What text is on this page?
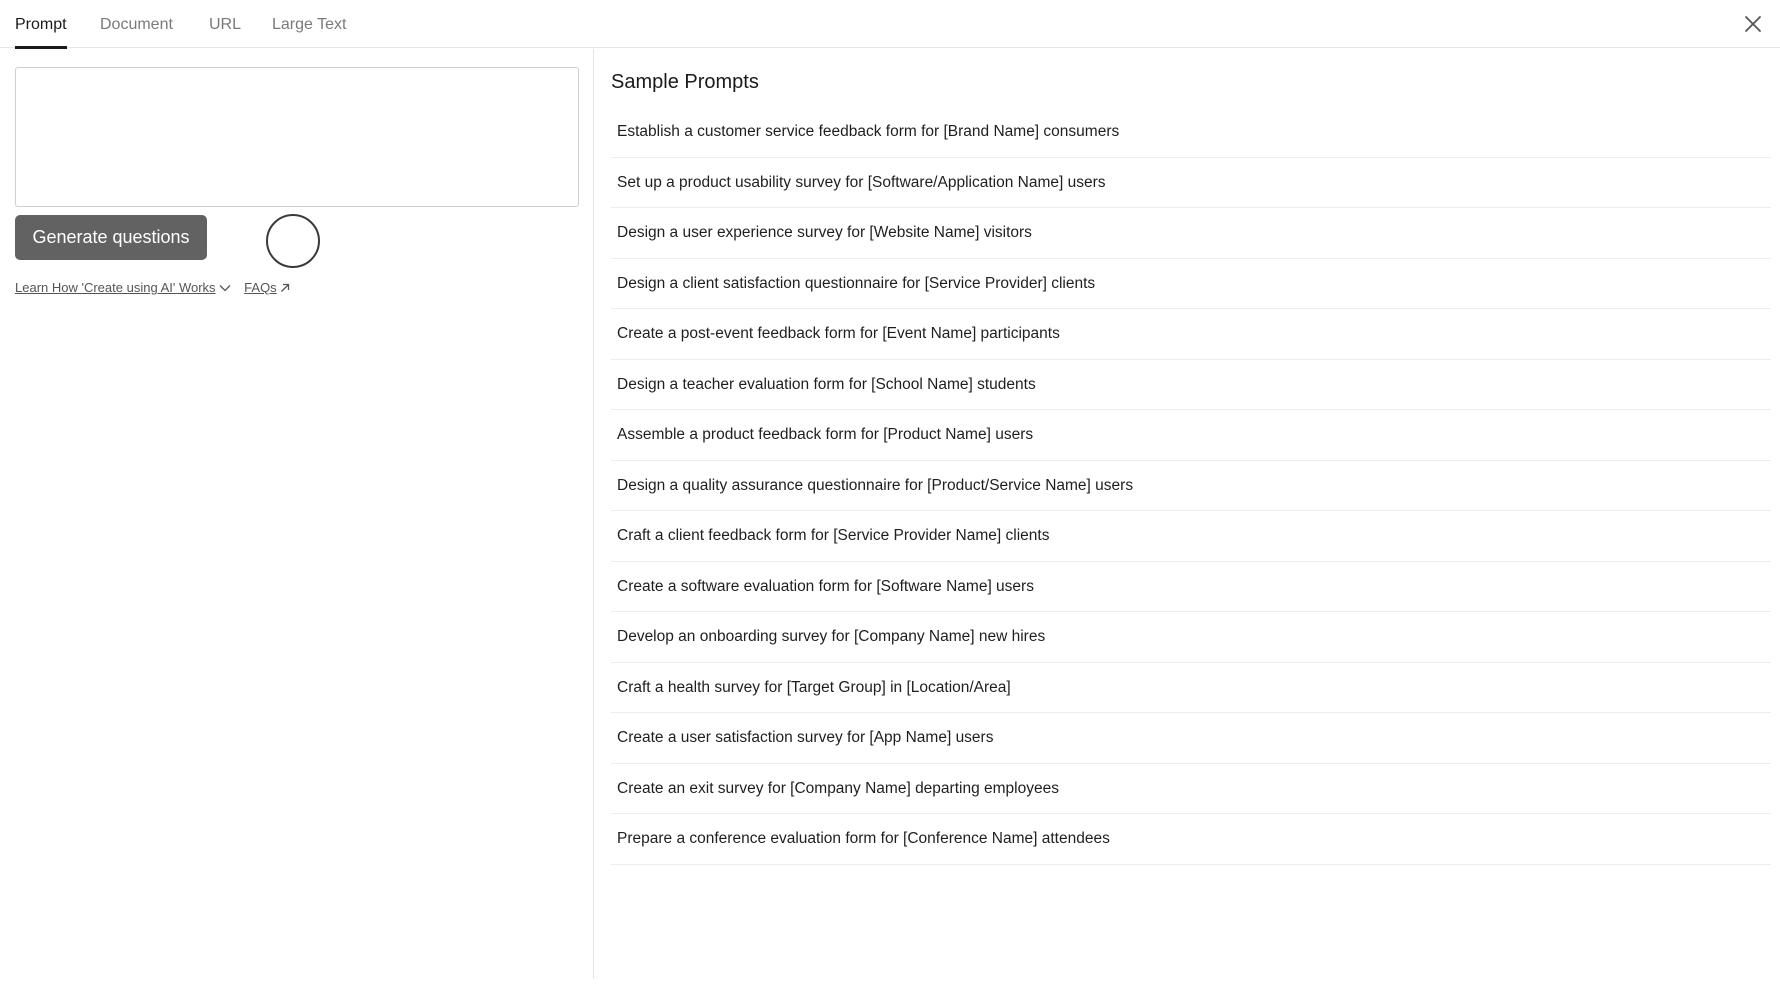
Prompt Document URL Large Text
Generate questions
Learn How 'Create using AI' Works
FAQs
Sample Prompts
Establish a customer service feedback form for [Brand Name] consumers
Set up a product usability survey for [Software/Application Name] users
Design a user experience survey for [Website Name] visitors
Design a client satisfaction questionnaire for [Service Provider] clients
Create a post-event feedback form for [Event Name] participants
Design a teacher evaluation form for [School Name] students
Assemble a product feedback form for [Product Name] users
Design a quality assurance questionnaire for [Product/Service Name] users
Craft a client feedback form for [Service Provider Name] clients
Create a software evaluation form for [Software Name] users
Develop an onboarding survey for [Company Name] new hires
Craft a health survey for [Target Group] in [Location/Area]
Create a user satisfaction survey for [App Name] users
Create an exit survey for [Company Name] departing employees
Prepare a conference evaluation form for [Conference Name] attendees
